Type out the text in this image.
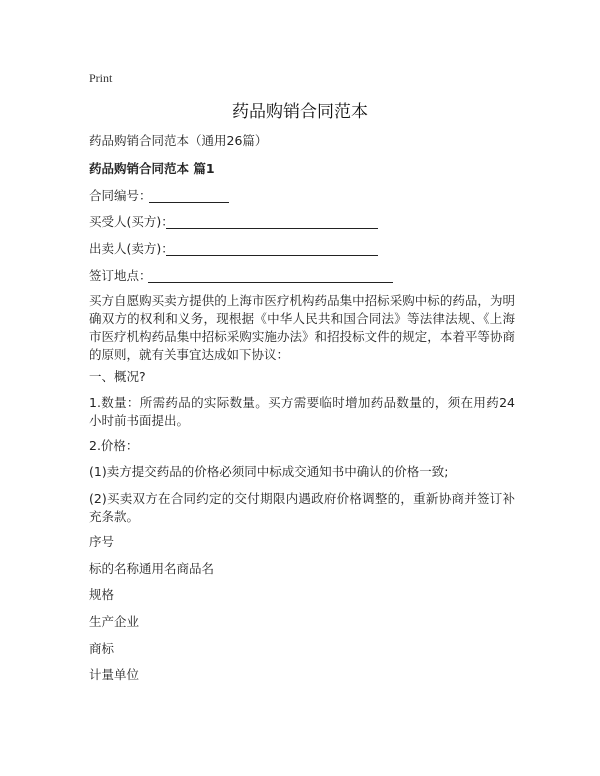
Print
药品购销合同范本
药品购销合同范本（通用26篇）
药品购销合同范本 篇1
合同编号：
买受人(买方)：
出卖人(卖方)：
签订地点：
买方自愿购买卖方提供的上海市医疗机构药品集中招标采购中标的药品，为明确双方的权利和义务，现根据《中华人民共和国合同法》等法律法规、《上海市医疗机构药品集中招标采购实施办法》和招投标文件的规定，本着平等协商的原则，就有关事宜达成如下协议：
一、概况?
1.数量：所需药品的实际数量。买方需要临时增加药品数量的，须在用药24小时前书面提出。
2.价格：
(1)卖方提交药品的价格必须同中标成交通知书中确认的价格一致;
(2)买卖双方在合同约定的交付期限内遇政府价格调整的，重新协商并签订补充条款。
序号
标的名称通用名商品名
规格
生产企业
商标
计量单位
